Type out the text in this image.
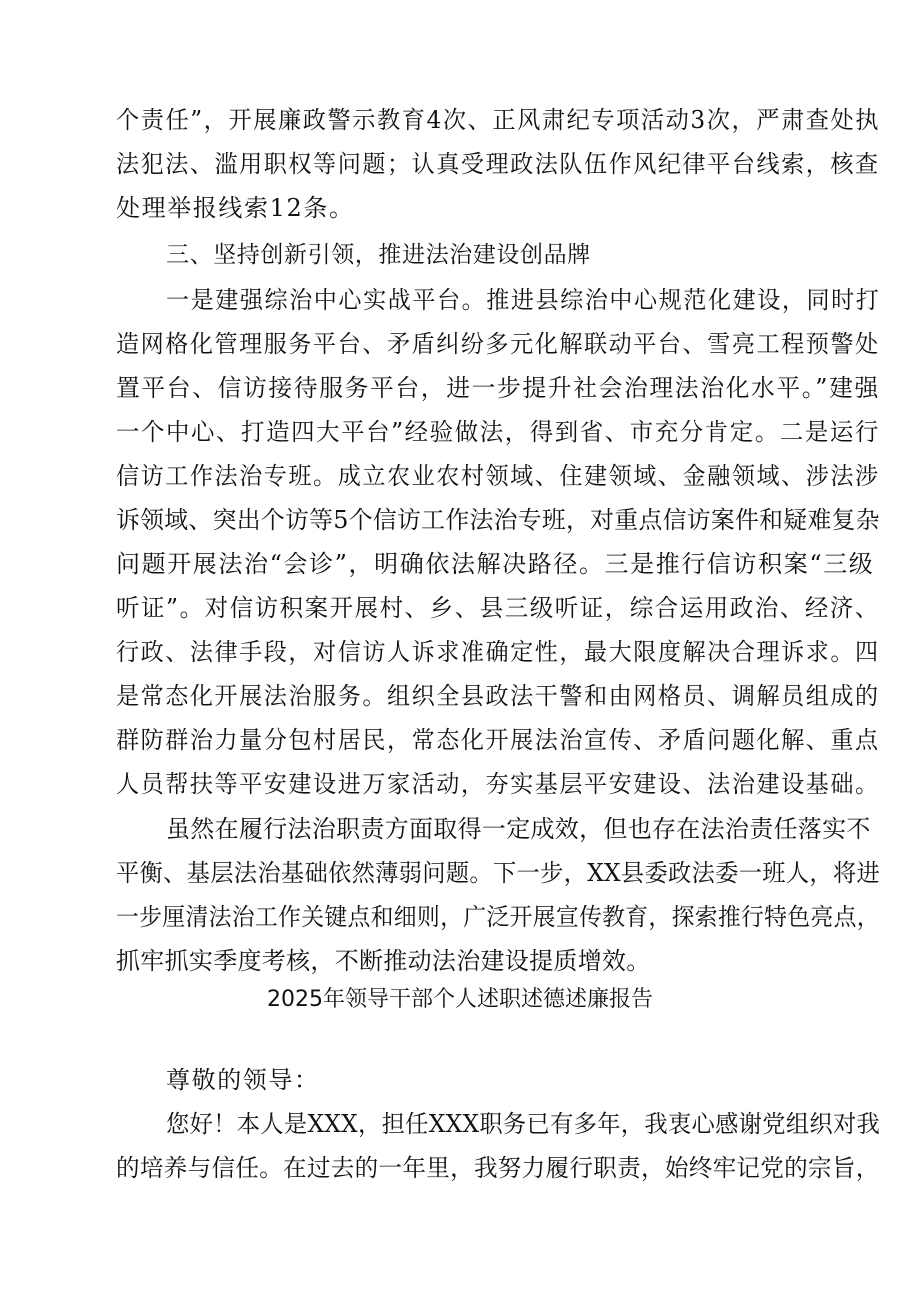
个责任”，开展廉政警示教育4次、正风肃纪专项活动3次，严肃查处执
法犯法、滥用职权等问题；认真受理政法队伍作风纪律平台线索，核查
处理举报线索12条。
三、坚持创新引领，推进法治建设创品牌
一是建强综治中心实战平台。推进县综治中心规范化建设，同时打
造网格化管理服务平台、矛盾纠纷多元化解联动平台、雪亮工程预警处
置平台、信访接待服务平台，进一步提升社会治理法治化水平。”建强
一个中心、打造四大平台”经验做法，得到省、市充分肯定。二是运行
信访工作法治专班。成立农业农村领域、住建领域、金融领域、涉法涉
诉领域、突出个访等5个信访工作法治专班，对重点信访案件和疑难复杂
问题开展法治“会诊”，明确依法解决路径。三是推行信访积案“三级
听证”。对信访积案开展村、乡、县三级听证，综合运用政治、经济、
行政、法律手段，对信访人诉求准确定性，最大限度解决合理诉求。四
是常态化开展法治服务。组织全县政法干警和由网格员、调解员组成的
群防群治力量分包村居民，常态化开展法治宣传、矛盾问题化解、重点
人员帮扶等平安建设进万家活动，夯实基层平安建设、法治建设基础。
虽然在履行法治职责方面取得一定成效，但也存在法治责任落实不
平衡、基层法治基础依然薄弱问题。下一步，XX县委政法委一班人，将进
一步厘清法治工作关键点和细则，广泛开展宣传教育，探索推行特色亮点，
抓牢抓实季度考核，不断推动法治建设提质增效。
2025年领导干部个人述职述德述廉报告
尊敬的领导：
您好！本人是XXX，担任XXX职务已有多年，我衷心感谢党组织对我
的培养与信任。在过去的一年里，我努力履行职责，始终牢记党的宗旨，
